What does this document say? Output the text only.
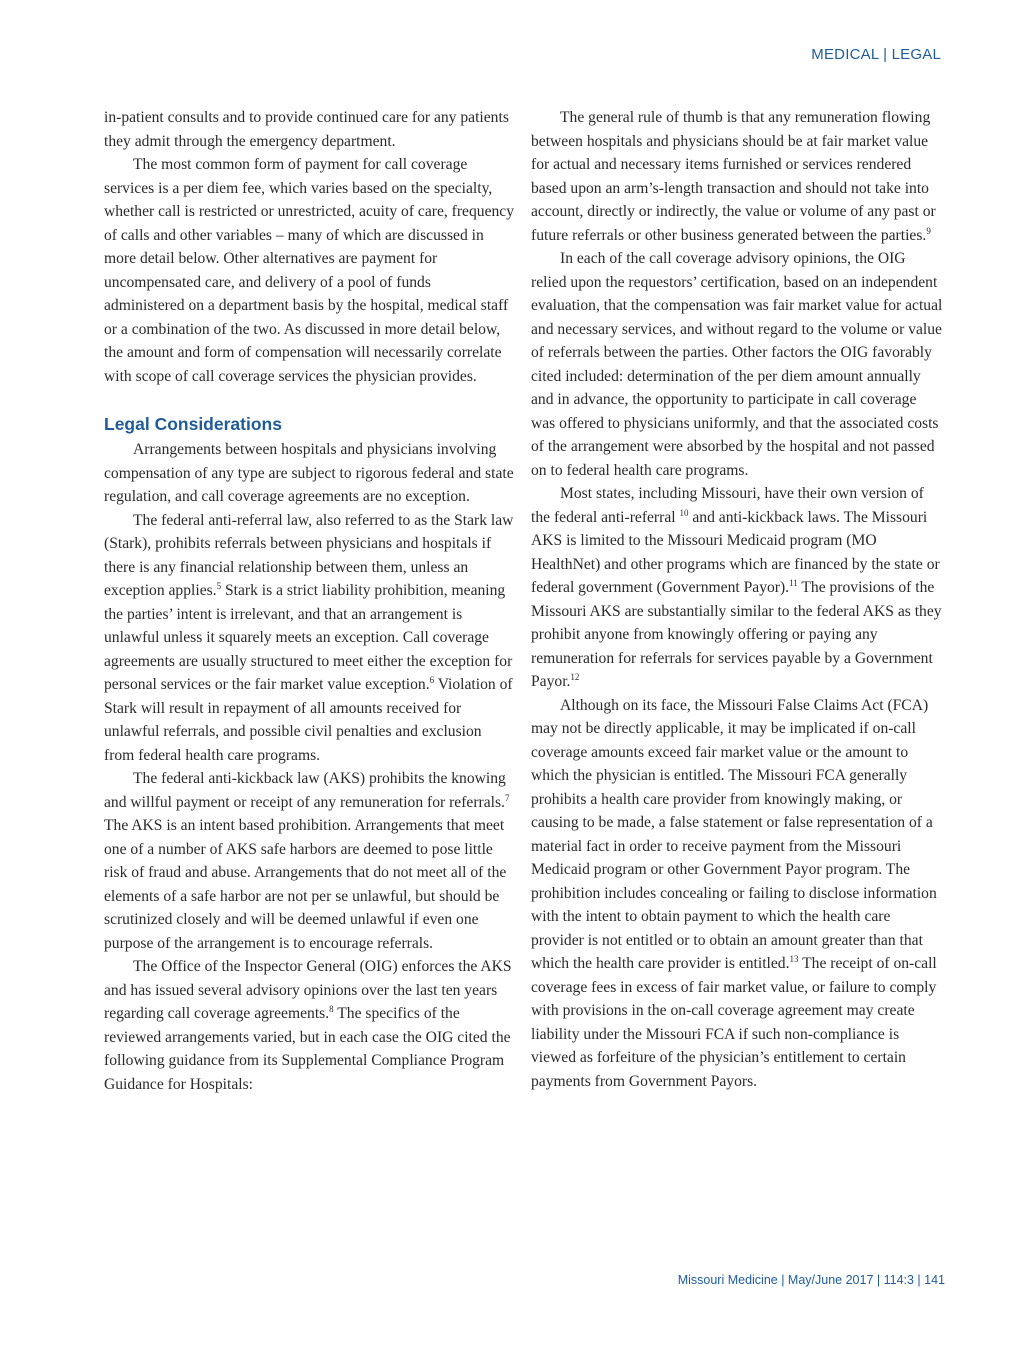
MEDICAL | LEGAL

in-patient consults and to provide continued care for any patients they admit through the emergency department.

The most common form of payment for call coverage services is a per diem fee, which varies based on the specialty, whether call is restricted or unrestricted, acuity of care, frequency of calls and other variables – many of which are discussed in more detail below. Other alternatives are payment for uncompensated care, and delivery of a pool of funds administered on a department basis by the hospital, medical staff or a combination of the two. As discussed in more detail below, the amount and form of compensation will necessarily correlate with scope of call coverage services the physician provides.

Legal Considerations

Arrangements between hospitals and physicians involving compensation of any type are subject to rigorous federal and state regulation, and call coverage agreements are no exception.

The federal anti-referral law, also referred to as the Stark law (Stark), prohibits referrals between physicians and hospitals if there is any financial relationship between them, unless an exception applies.$^5$ Stark is a strict liability prohibition, meaning the parties’ intent is irrelevant, and that an arrangement is unlawful unless it squarely meets an exception. Call coverage agreements are usually structured to meet either the exception for personal services or the fair market value exception.$^6$ Violation of Stark will result in repayment of all amounts received for unlawful referrals, and possible civil penalties and exclusion from federal health care programs.

The federal anti-kickback law (AKS) prohibits the knowing and willful payment or receipt of any remuneration for referrals.$^7$ The AKS is an intent based prohibition. Arrangements that meet one of a number of AKS safe harbors are deemed to pose little risk of fraud and abuse. Arrangements that do not meet all of the elements of a safe harbor are not per se unlawful, but should be scrutinized closely and will be deemed unlawful if even one purpose of the arrangement is to encourage referrals.

The Office of the Inspector General (OIG) enforces the AKS and has issued several advisory opinions over the last ten years regarding call coverage agreements.$^8$ The specifics of the reviewed arrangements varied, but in each case the OIG cited the following guidance from its Supplemental Compliance Program Guidance for Hospitals:

The general rule of thumb is that any remuneration flowing between hospitals and physicians should be at fair market value for actual and necessary items furnished or services rendered based upon an arm’s-length transaction and should not take into account, directly or indirectly, the value or volume of any past or future referrals or other business generated between the parties.$^9$

In each of the call coverage advisory opinions, the OIG relied upon the requestors’ certification, based on an independent evaluation, that the compensation was fair market value for actual and necessary services, and without regard to the volume or value of referrals between the parties. Other factors the OIG favorably cited included: determination of the per diem amount annually and in advance, the opportunity to participate in call coverage was offered to physicians uniformly, and that the associated costs of the arrangement were absorbed by the hospital and not passed on to federal health care programs.

Most states, including Missouri, have their own version of the federal anti-referral $^{10}$ and anti-kickback laws. The Missouri AKS is limited to the Missouri Medicaid program (MO HealthNet) and other programs which are financed by the state or federal government (Government Payor).$^{11}$ The provisions of the Missouri AKS are substantially similar to the federal AKS as they prohibit anyone from knowingly offering or paying any remuneration for referrals for services payable by a Government Payor.$^{12}$

Although on its face, the Missouri False Claims Act (FCA) may not be directly applicable, it may be implicated if on-call coverage amounts exceed fair market value or the amount to which the physician is entitled. The Missouri FCA generally prohibits a health care provider from knowingly making, or causing to be made, a false statement or false representation of a material fact in order to receive payment from the Missouri Medicaid program or other Government Payor program. The prohibition includes concealing or failing to disclose information with the intent to obtain payment to which the health care provider is not entitled or to obtain an amount greater than that which the health care provider is entitled.$^{13}$ The receipt of on-call coverage fees in excess of fair market value, or failure to comply with provisions in the on-call coverage agreement may create liability under the Missouri FCA if such non-compliance is viewed as forfeiture of the physician’s entitlement to certain payments from Government Payors.

Missouri Medicine | May/June 2017 | 114:3 | 141
